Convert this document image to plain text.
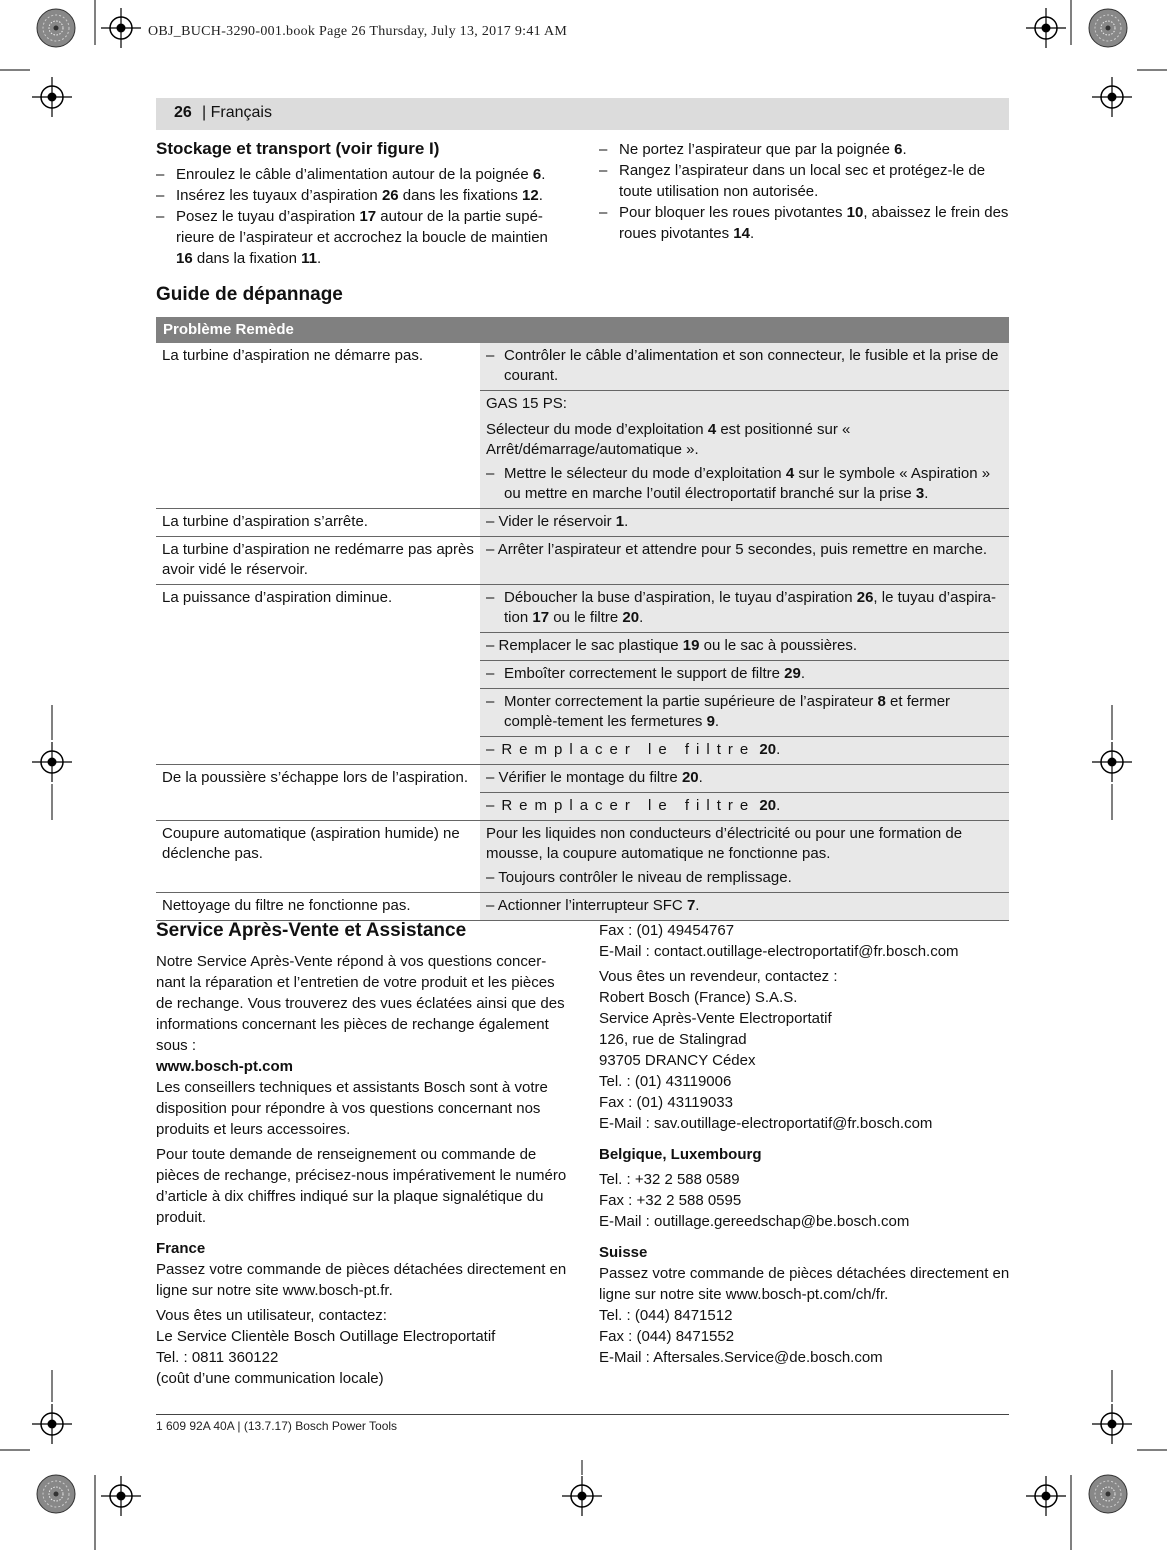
OBJ_BUCH-3290-001.book Page 26 Thursday, July 13, 2017 9:41 AM
26 | Français
Stockage et transport (voir figure I)
– Enroulez le câble d’alimentation autour de la poignée 6.
– Insérez les tuyaux d’aspiration 26 dans les fixations 12.
– Posez le tuyau d’aspiration 17 autour de la partie supé-rieure de l’aspirateur et accrochez la boucle de maintien 16 dans la fixation 11.
– Ne portez l’aspirateur que par la poignée 6.
– Rangez l’aspirateur dans un local sec et protégez-le de toute utilisation non autorisée.
– Pour bloquer les roues pivotantes 10, abaissez le frein des roues pivotantes 14.
Guide de dépannage
Problème Remède	
La turbine d’aspiration ne démarre pas.	– Contrôler le câble d’alimentation et son connecteur, le fusible et la prise de courant.

	GAS 15 PS:
Sélecteur du mode d’exploitation 4 est positionné sur « Arrêt/démarrage/automatique ».
– Mettre le sélecteur du mode d’exploitation 4 sur le symbole « Aspiration » ou mettre en marche l’outil électroportatif branché sur la prise 3.

La turbine d’aspiration s’arrête.	– Vider le réservoir 1.
La turbine d’aspiration ne redémarre pas après avoir vidé le réservoir.	– Arrêter l’aspirateur et attendre pour 5 secondes, puis remettre en marche.
La puissance d’aspiration diminue.	– Déboucher la buse d’aspiration, le tuyau d’aspiration 26, le tuyau d’aspira-tion 17 ou le filtre 20.

	– Remplacer le sac plastique 19 ou le sac à poussières.

	– Emboîter correctement le support de filtre 29.

	– Monter correctement la partie supérieure de l’aspirateur 8 et fermer complè-tement les fermetures 9.

	–Remplacer le filtre 20.
De la poussière s’échappe lors de l’aspiration.	– Vérifier le montage du filtre 20.
	–Remplacer le filtre 20.
Coupure automatique (aspiration humide) ne déclenche pas.	Pour les liquides non conducteurs d’électricité ou pour une formation de mousse, la coupure automatique ne fonctionne pas.
– Toujours contrôler le niveau de remplissage.

Nettoyage du filtre ne fonctionne pas.	– Actionner l’interrupteur SFC 7.
Service Après-Vente et Assistance

Notre Service Après-Vente répond à vos questions concer-nant la réparation et l’entretien de votre produit et les pièces de rechange. Vous trouverez des vues éclatées ainsi que des informations concernant les pièces de rechange également sous :

www.bosch-pt.com

Les conseillers techniques et assistants Bosch sont à votre disposition pour répondre à vos questions concernant nos produits et leurs accessoires.

Pour toute demande de renseignement ou commande de pièces de rechange, précisez-nous impérativement le numéro d’article à dix chiffres indiqué sur la plaque signalétique du produit.

France

Passez votre commande de pièces détachées directement en ligne sur notre site www.bosch-pt.fr.

Vous êtes un utilisateur, contactez:

Le Service Clientèle Bosch Outillage Electroportatif

Tel. : 0811 360122

(coût d’une communication locale)

Fax : (01) 49454767

E-Mail : contact.outillage-electroportatif@fr.bosch.com

Vous êtes un revendeur, contactez :

Robert Bosch (France) S.A.S.

Service Après-Vente Electroportatif

126, rue de Stalingrad

93705 DRANCY Cédex

Tel. : (01) 43119006

Fax : (01) 43119033

E-Mail : sav.outillage-electroportatif@fr.bosch.com

Belgique, Luxembourg

Tel. : +32 2 588 0589

Fax : +32 2 588 0595

E-Mail : outillage.gereedschap@be.bosch.com

Suisse

Passez votre commande de pièces détachées directement en ligne sur notre site www.bosch-pt.com/ch/fr.

Tel. : (044) 8471512

Fax : (044) 8471552

E-Mail : Aftersales.Service@de.bosch.com

1 609 92A 40A | (13.7.17) Bosch Power Tools
